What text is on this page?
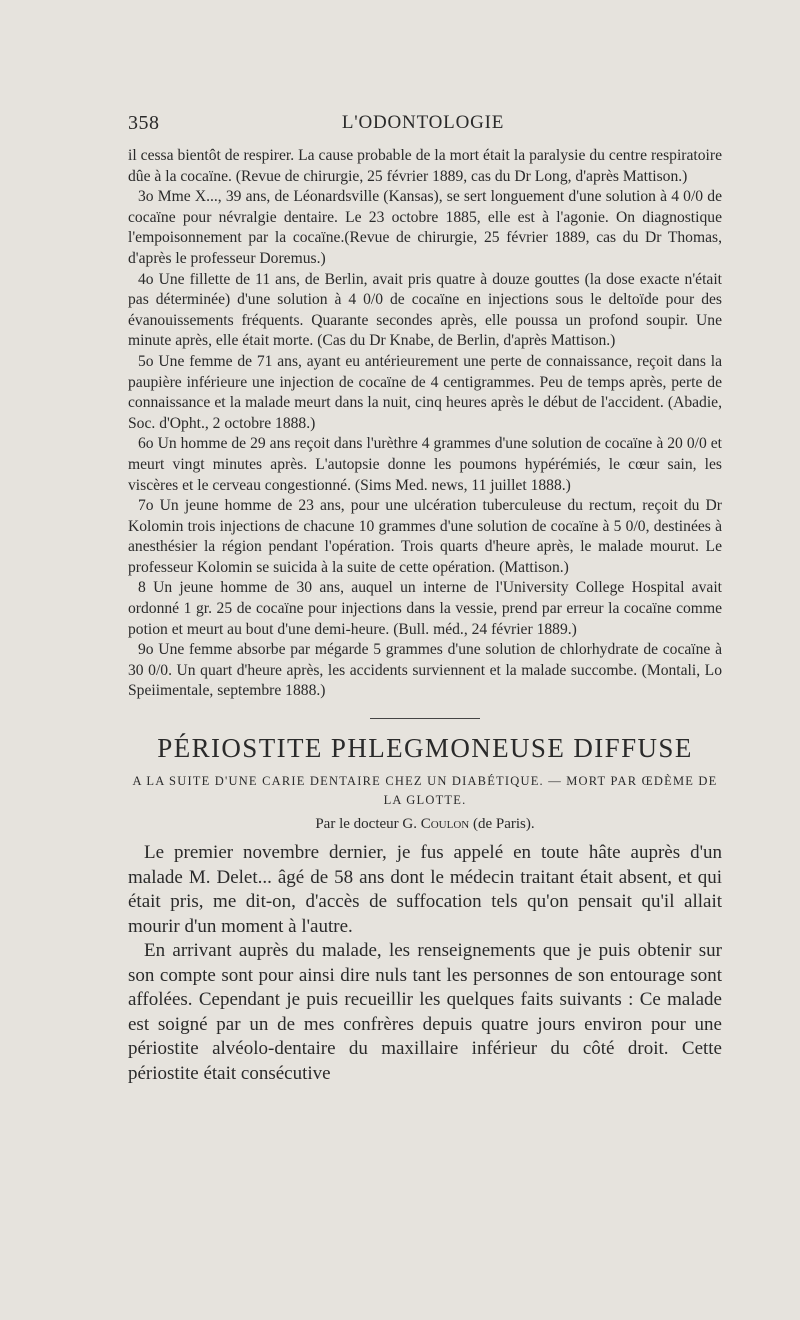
358	L'ODONTOLOGIE

il cessa bientôt de respirer. La cause probable de la mort était la paralysie du centre respiratoire dûe à la cocaïne. (Revue de chirurgie, 25 février 1889, cas du Dr Long, d'après Mattison.)

3o Mme X..., 39 ans, de Léonardsville (Kansas), se sert longuement d'une solution à 4 0/0 de cocaïne pour névralgie dentaire. Le 23 octobre 1885, elle est à l'agonie. On diagnostique l'empoisonnement par la cocaïne.(Revue de chirurgie, 25 février 1889, cas du Dr Thomas, d'après le professeur Doremus.)

4o Une fillette de 11 ans, de Berlin, avait pris quatre à douze gouttes (la dose exacte n'était pas déterminée) d'une solution à 4 0/0 de cocaïne en injections sous le deltoïde pour des évanouissements fréquents. Quarante secondes après, elle poussa un profond soupir. Une minute après, elle était morte. (Cas du Dr Knabe, de Berlin, d'après Mattison.)

5o Une femme de 71 ans, ayant eu antérieurement une perte de connaissance, reçoit dans la paupière inférieure une injection de cocaïne de 4 centigrammes. Peu de temps après, perte de connaissance et la malade meurt dans la nuit, cinq heures après le début de l'accident. (Abadie, Soc. d'Opht., 2 octobre 1888.)

6o Un homme de 29 ans reçoit dans l'urèthre 4 grammes d'une solution de cocaïne à 20 0/0 et meurt vingt minutes après. L'autopsie donne les poumons hypérémiés, le cœur sain, les viscères et le cerveau congestionné. (Sims Med. news, 11 juillet 1888.)

7o Un jeune homme de 23 ans, pour une ulcération tuberculeuse du rectum, reçoit du Dr Kolomin trois injections de chacune 10 grammes d'une solution de cocaïne à 5 0/0, destinées à anesthésier la région pendant l'opération. Trois quarts d'heure après, le malade mourut. Le professeur Kolomin se suicida à la suite de cette opération. (Mattison.)

8 Un jeune homme de 30 ans, auquel un interne de l'University College Hospital avait ordonné 1 gr. 25 de cocaïne pour injections dans la vessie, prend par erreur la cocaïne comme potion et meurt au bout d'une demi-heure. (Bull. méd., 24 février 1889.)

9o Une femme absorbe par mégarde 5 grammes d'une solution de chlorhydrate de cocaïne à 30 0/0. Un quart d'heure après, les accidents surviennent et la malade succombe. (Montali, Lo Speiimentale, septembre 1888.)

PÉRIOSTITE PHLEGMONEUSE DIFFUSE

A LA SUITE D'UNE CARIE DENTAIRE CHEZ UN DIABÉTIQUE. — MORT PAR ŒDÈME DE LA GLOTTE.

Par le docteur G. Coulon (de Paris).

Le premier novembre dernier, je fus appelé en toute hâte auprès d'un malade M. Delet... âgé de 58 ans dont le médecin traitant était absent, et qui était pris, me dit-on, d'accès de suffocation tels qu'on pensait qu'il allait mourir d'un moment à l'autre.

En arrivant auprès du malade, les renseignements que je puis obtenir sur son compte sont pour ainsi dire nuls tant les personnes de son entourage sont affolées. Cependant je puis recueillir les quelques faits suivants : Ce malade est soigné par un de mes confrères depuis quatre jours environ pour une périostite alvéolo-dentaire du maxillaire inférieur du côté droit. Cette périostite était consécutive
